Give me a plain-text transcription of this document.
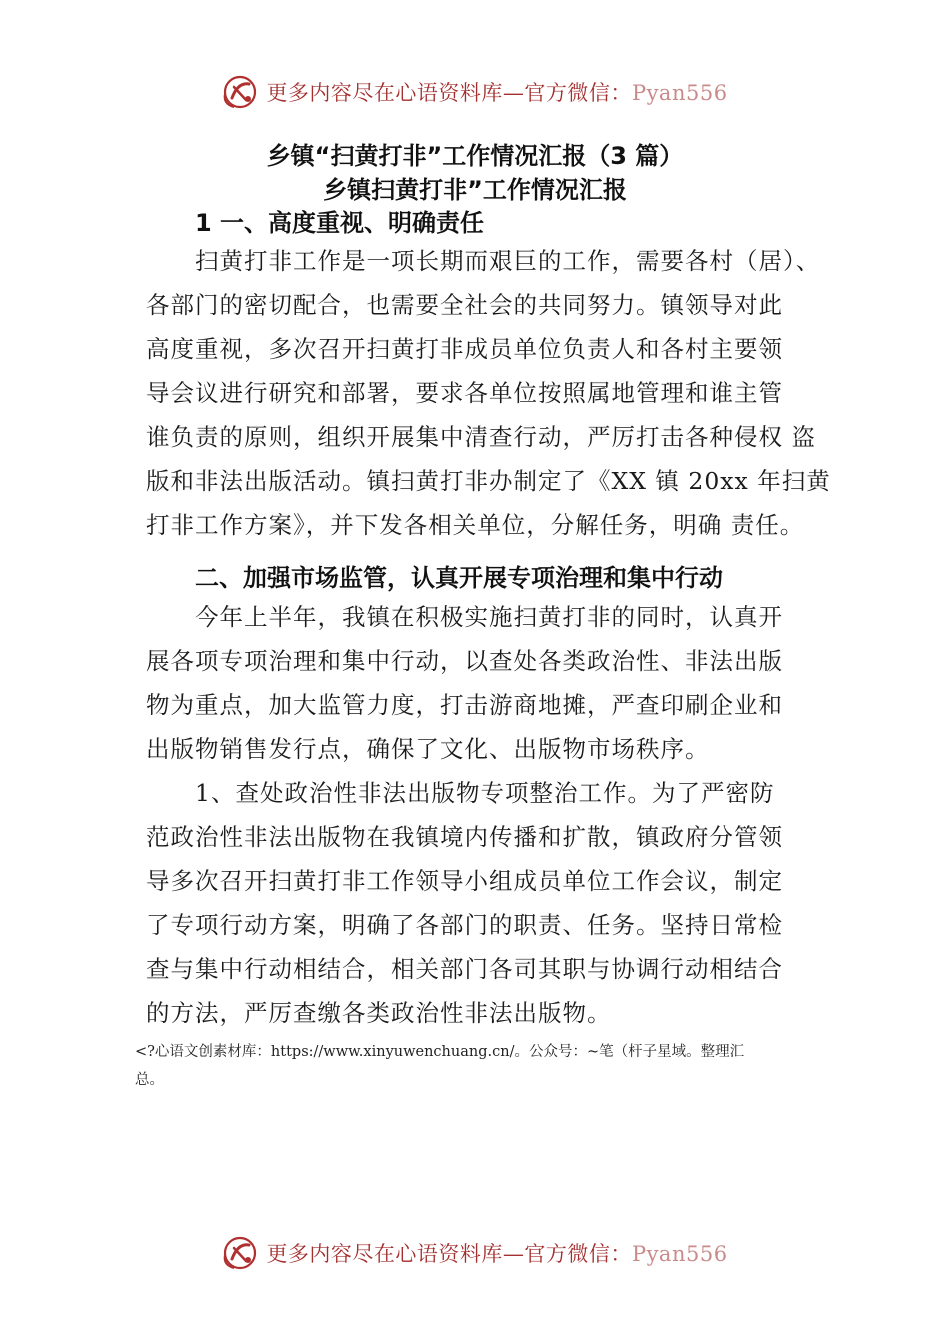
更多内容尽在心语资料库—官方微信：Pyan556
乡镇“扫黄打非”工作情况汇报（3 篇）
乡镇扫黄打非”工作情况汇报
1 一、高度重视、明确责任
扫黄打非工作是一项长期而艰巨的工作，需要各村（居）、
各部门的密切配合，也需要全社会的共同努力。镇领导对此
高度重视，多次召开扫黄打非成员单位负责人和各村主要领
导会议进行研究和部署，要求各单位按照属地管理和谁主管
谁负责的原则，组织开展集中清查行动，严厉打击各种侵权 盗
版和非法出版活动。镇扫黄打非办制定了《XX 镇 20xx 年扫黄
打非工作方案》，并下发各相关单位，分解任务，明确 责任。
二、加强市场监管，认真开展专项治理和集中行动
今年上半年，我镇在积极实施扫黄打非的同时，认真开
展各项专项治理和集中行动，以查处各类政治性、非法出版
物为重点，加大监管力度，打击游商地摊，严查印刷企业和
出版物销售发行点，确保了文化、出版物市场秩序。
1、查处政治性非法出版物专项整治工作。为了严密防
范政治性非法出版物在我镇境内传播和扩散，镇政府分管领
导多次召开扫黄打非工作领导小组成员单位工作会议，制定
了专项行动方案，明确了各部门的职责、任务。坚持日常检
查与集中行动相结合，相关部门各司其职与协调行动相结合
的方法，严厉查缴各类政治性非法出版物。
<?心语文创素材库：https://www.xinyuwenchuang.cn/。公众号：~笔（杆子星域。整理汇
总。
更多内容尽在心语资料库—官方微信：Pyan556
